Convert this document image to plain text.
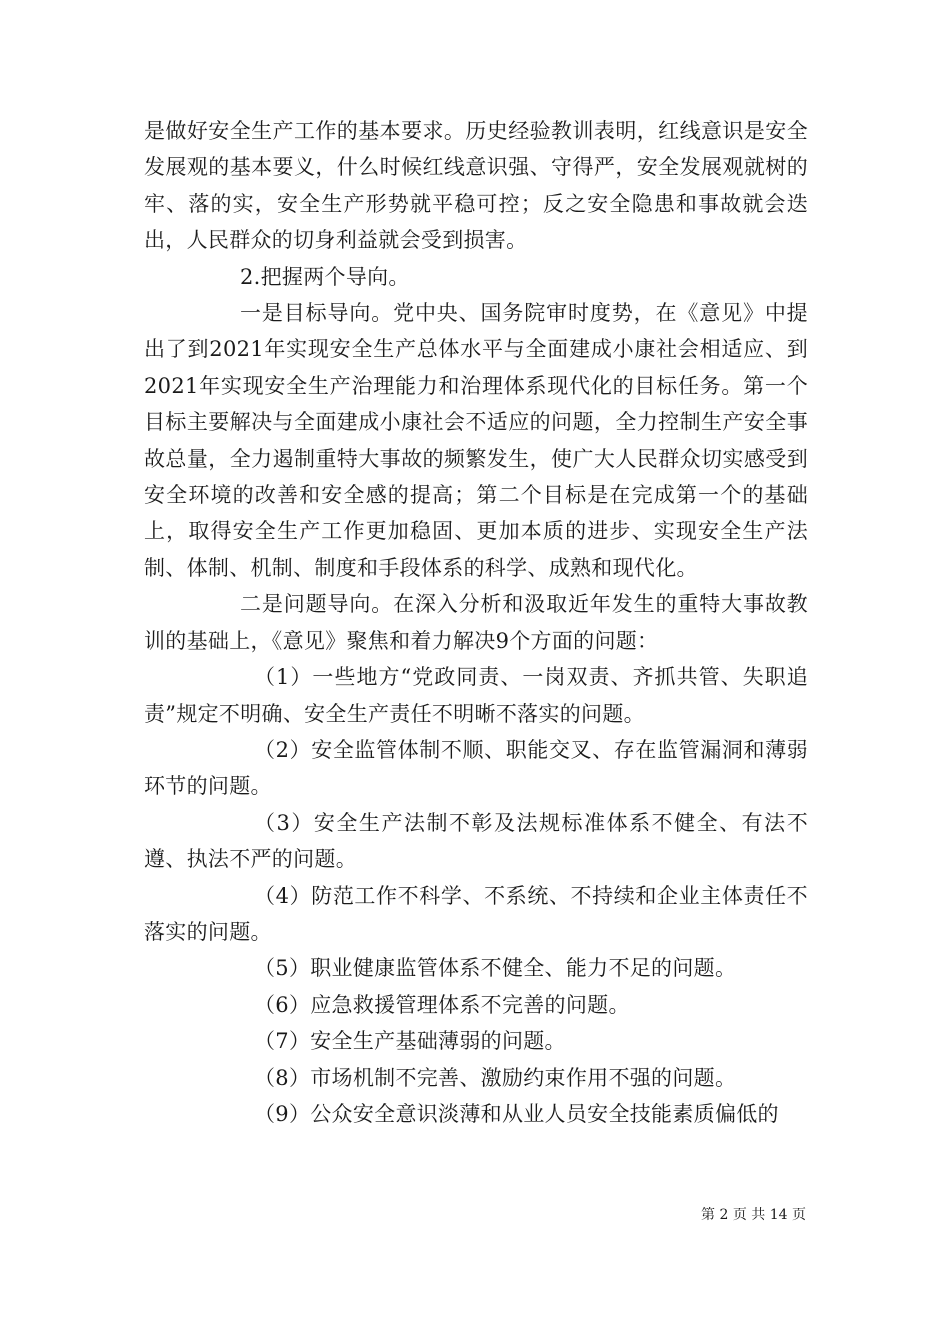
是做好安全生产工作的基本要求。历史经验教训表明，红线意识是安全发展观的基本要义，什么时候红线意识强、守得严，安全发展观就树的牢、落的实，安全生产形势就平稳可控；反之安全隐患和事故就会迭出，人民群众的切身利益就会受到损害。

2.把握两个导向。

一是目标导向。党中央、国务院审时度势，在《意见》中提出了到2021年实现安全生产总体水平与全面建成小康社会相适应、到2021年实现安全生产治理能力和治理体系现代化的目标任务。第一个目标主要解决与全面建成小康社会不适应的问题，全力控制生产安全事故总量，全力遏制重特大事故的频繁发生，使广大人民群众切实感受到安全环境的改善和安全感的提高；第二个目标是在完成第一个的基础上，取得安全生产工作更加稳固、更加本质的进步、实现安全生产法制、体制、机制、制度和手段体系的科学、成熟和现代化。

二是问题导向。在深入分析和汲取近年发生的重特大事故教训的基础上，《意见》聚焦和着力解决9个方面的问题：

（1）一些地方“党政同责、一岗双责、齐抓共管、失职追责”规定不明确、安全生产责任不明晰不落实的问题。

（2）安全监管体制不顺、职能交叉、存在监管漏洞和薄弱环节的问题。

（3）安全生产法制不彰及法规标准体系不健全、有法不遵、执法不严的问题。

（4）防范工作不科学、不系统、不持续和企业主体责任不落实的问题。

（5）职业健康监管体系不健全、能力不足的问题。

（6）应急救援管理体系不完善的问题。

（7）安全生产基础薄弱的问题。

（8）市场机制不完善、激励约束作用不强的问题。

（9）公众安全意识淡薄和从业人员安全技能素质偏低的

第 2 页 共 14 页
